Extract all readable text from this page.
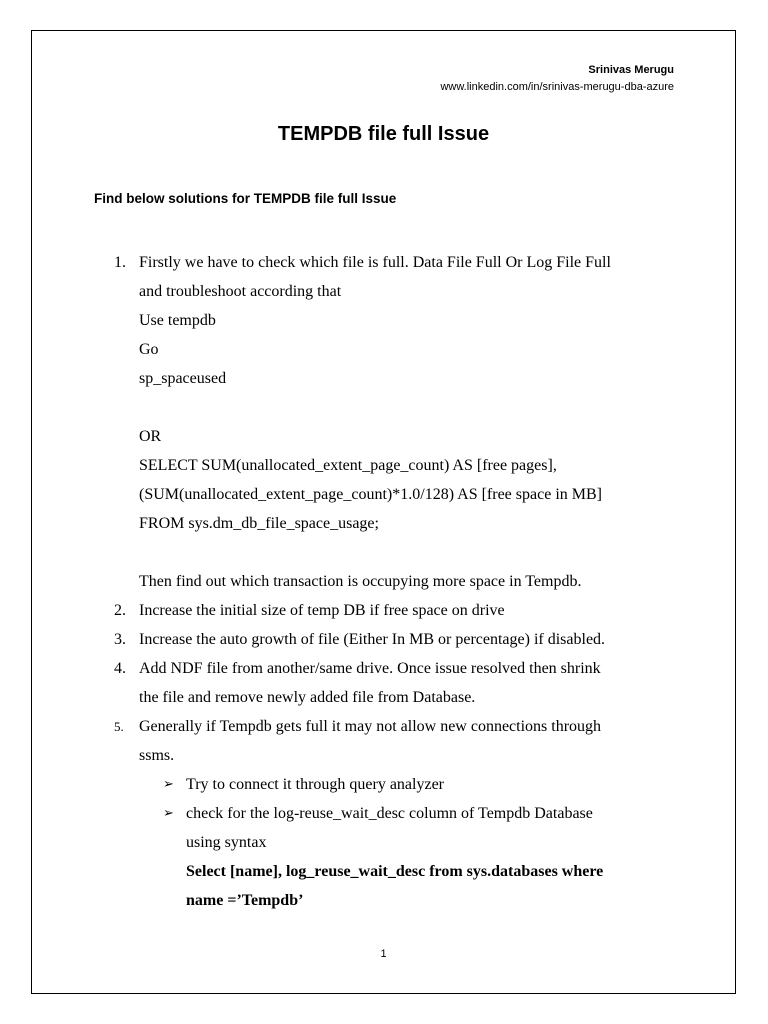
Srinivas Merugu
www.linkedin.com/in/srinivas-merugu-dba-azure
TEMPDB file full Issue
Find below solutions for TEMPDB file full Issue
1. Firstly we have to check which file is full. Data File Full Or Log File Full
and troubleshoot according that
Use tempdb
Go
sp_spaceused
OR
SELECT SUM(unallocated_extent_page_count) AS [free pages],
(SUM(unallocated_extent_page_count)*1.0/128) AS [free space in MB]
FROM sys.dm_db_file_space_usage;
Then find out which transaction is occupying more space in Tempdb.
2. Increase the initial size of temp DB if free space on drive
3. Increase the auto growth of file (Either In MB or percentage) if disabled.
4. Add NDF file from another/same drive. Once issue resolved then shrink
the file and remove newly added file from Database.
5. Generally if Tempdb gets full it may not allow new connections through
ssms.
➢ Try to connect it through query analyzer
➢ check for the log-reuse_wait_desc column of Tempdb Database
using syntax
Select [name], log_reuse_wait_desc from sys.databases where
name =’Tempdb’
1
